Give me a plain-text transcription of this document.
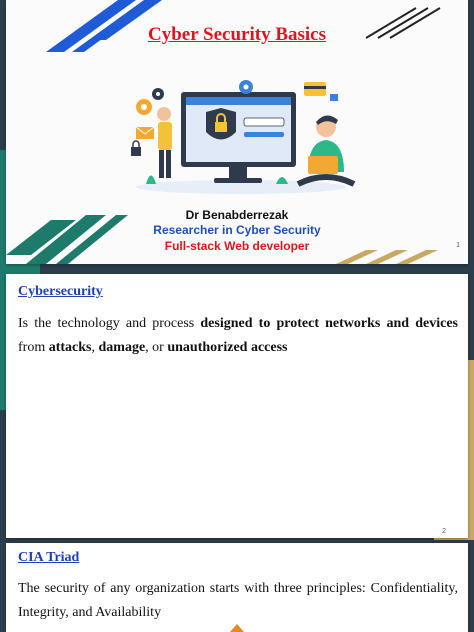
Cyber Security Basics
Dr Benabderrezak
Researcher in Cyber Security
Full-stack Web developer	1
Cybersecurity
Is the technology and process designed to protect networks and devices from attacks, damage, or unauthorized access
2
CIA Triad
The security of any organization starts with three principles: Confidentiality, Integrity, and Availability
